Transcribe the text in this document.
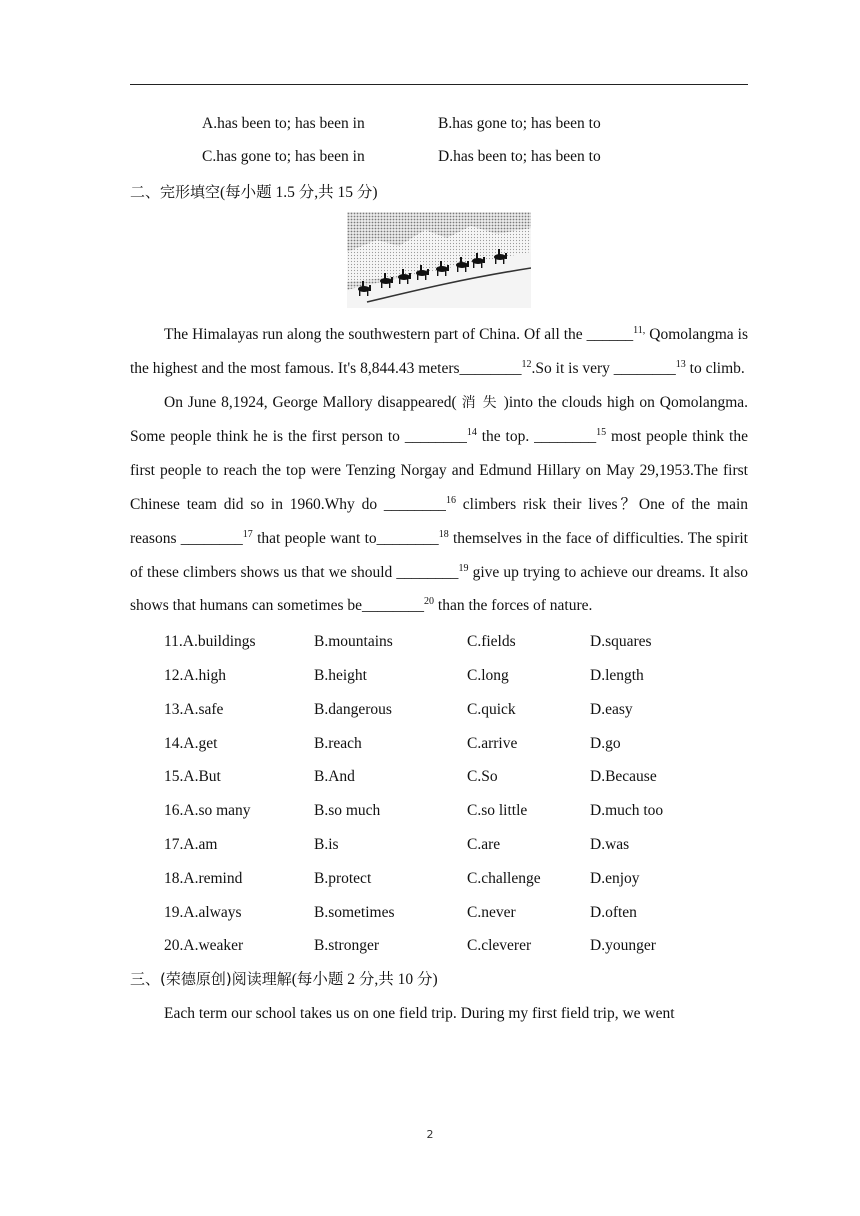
A.has been to; has been in	B.has gone to; has been to
C.has gone to; has been in	D.has been to; has been to
二、完形填空(每小题 1.5 分,共 15 分)

The Himalayas run along the southwestern part of China. Of all the ______$^{11,}$ Qomolangma is the highest and the most famous. It's 8,844.43 meters________$^{12}$.So it is very ________$^{13}$ to climb.

On June 8,1924, George Mallory disappeared( 消失)into the clouds high on Qomolangma. Some people think he is the first person to ________$^{14}$ the top. ________$^{15}$ most people think the first people to reach the top were Tenzing Norgay and Edmund Hillary on May 29,1953.The first Chinese team did so in 1960.Why do ________$^{16}$ climbers risk their lives？One of the main reasons ________$^{17}$ that people want to________$^{18}$ themselves in the face of difficulties. The spirit of these climbers shows us that we should ________$^{19}$ give up trying to achieve our dreams. It also shows that humans can sometimes be________$^{20}$ than the forces of nature.

11.A.buildings	B.mountains	C.fields	D.squares
12.A.high	B.height	C.long	D.length
13.A.safe	B.dangerous	C.quick	D.easy
14.A.get	B.reach	C.arrive	D.go
15.A.But	B.And	C.So	D.Because
16.A.so many	B.so much	C.so little	D.much too
17.A.am	B.is	C.are	D.was
18.A.remind	B.protect	C.challenge	D.enjoy
19.A.always	B.sometimes	C.never	D.often
20.A.weaker	B.stronger	C.cleverer	D.younger
三、(荣德原创)阅读理解(每小题 2 分,共 10 分)

Each term our school takes us on one field trip. During my first field trip, we went

2
